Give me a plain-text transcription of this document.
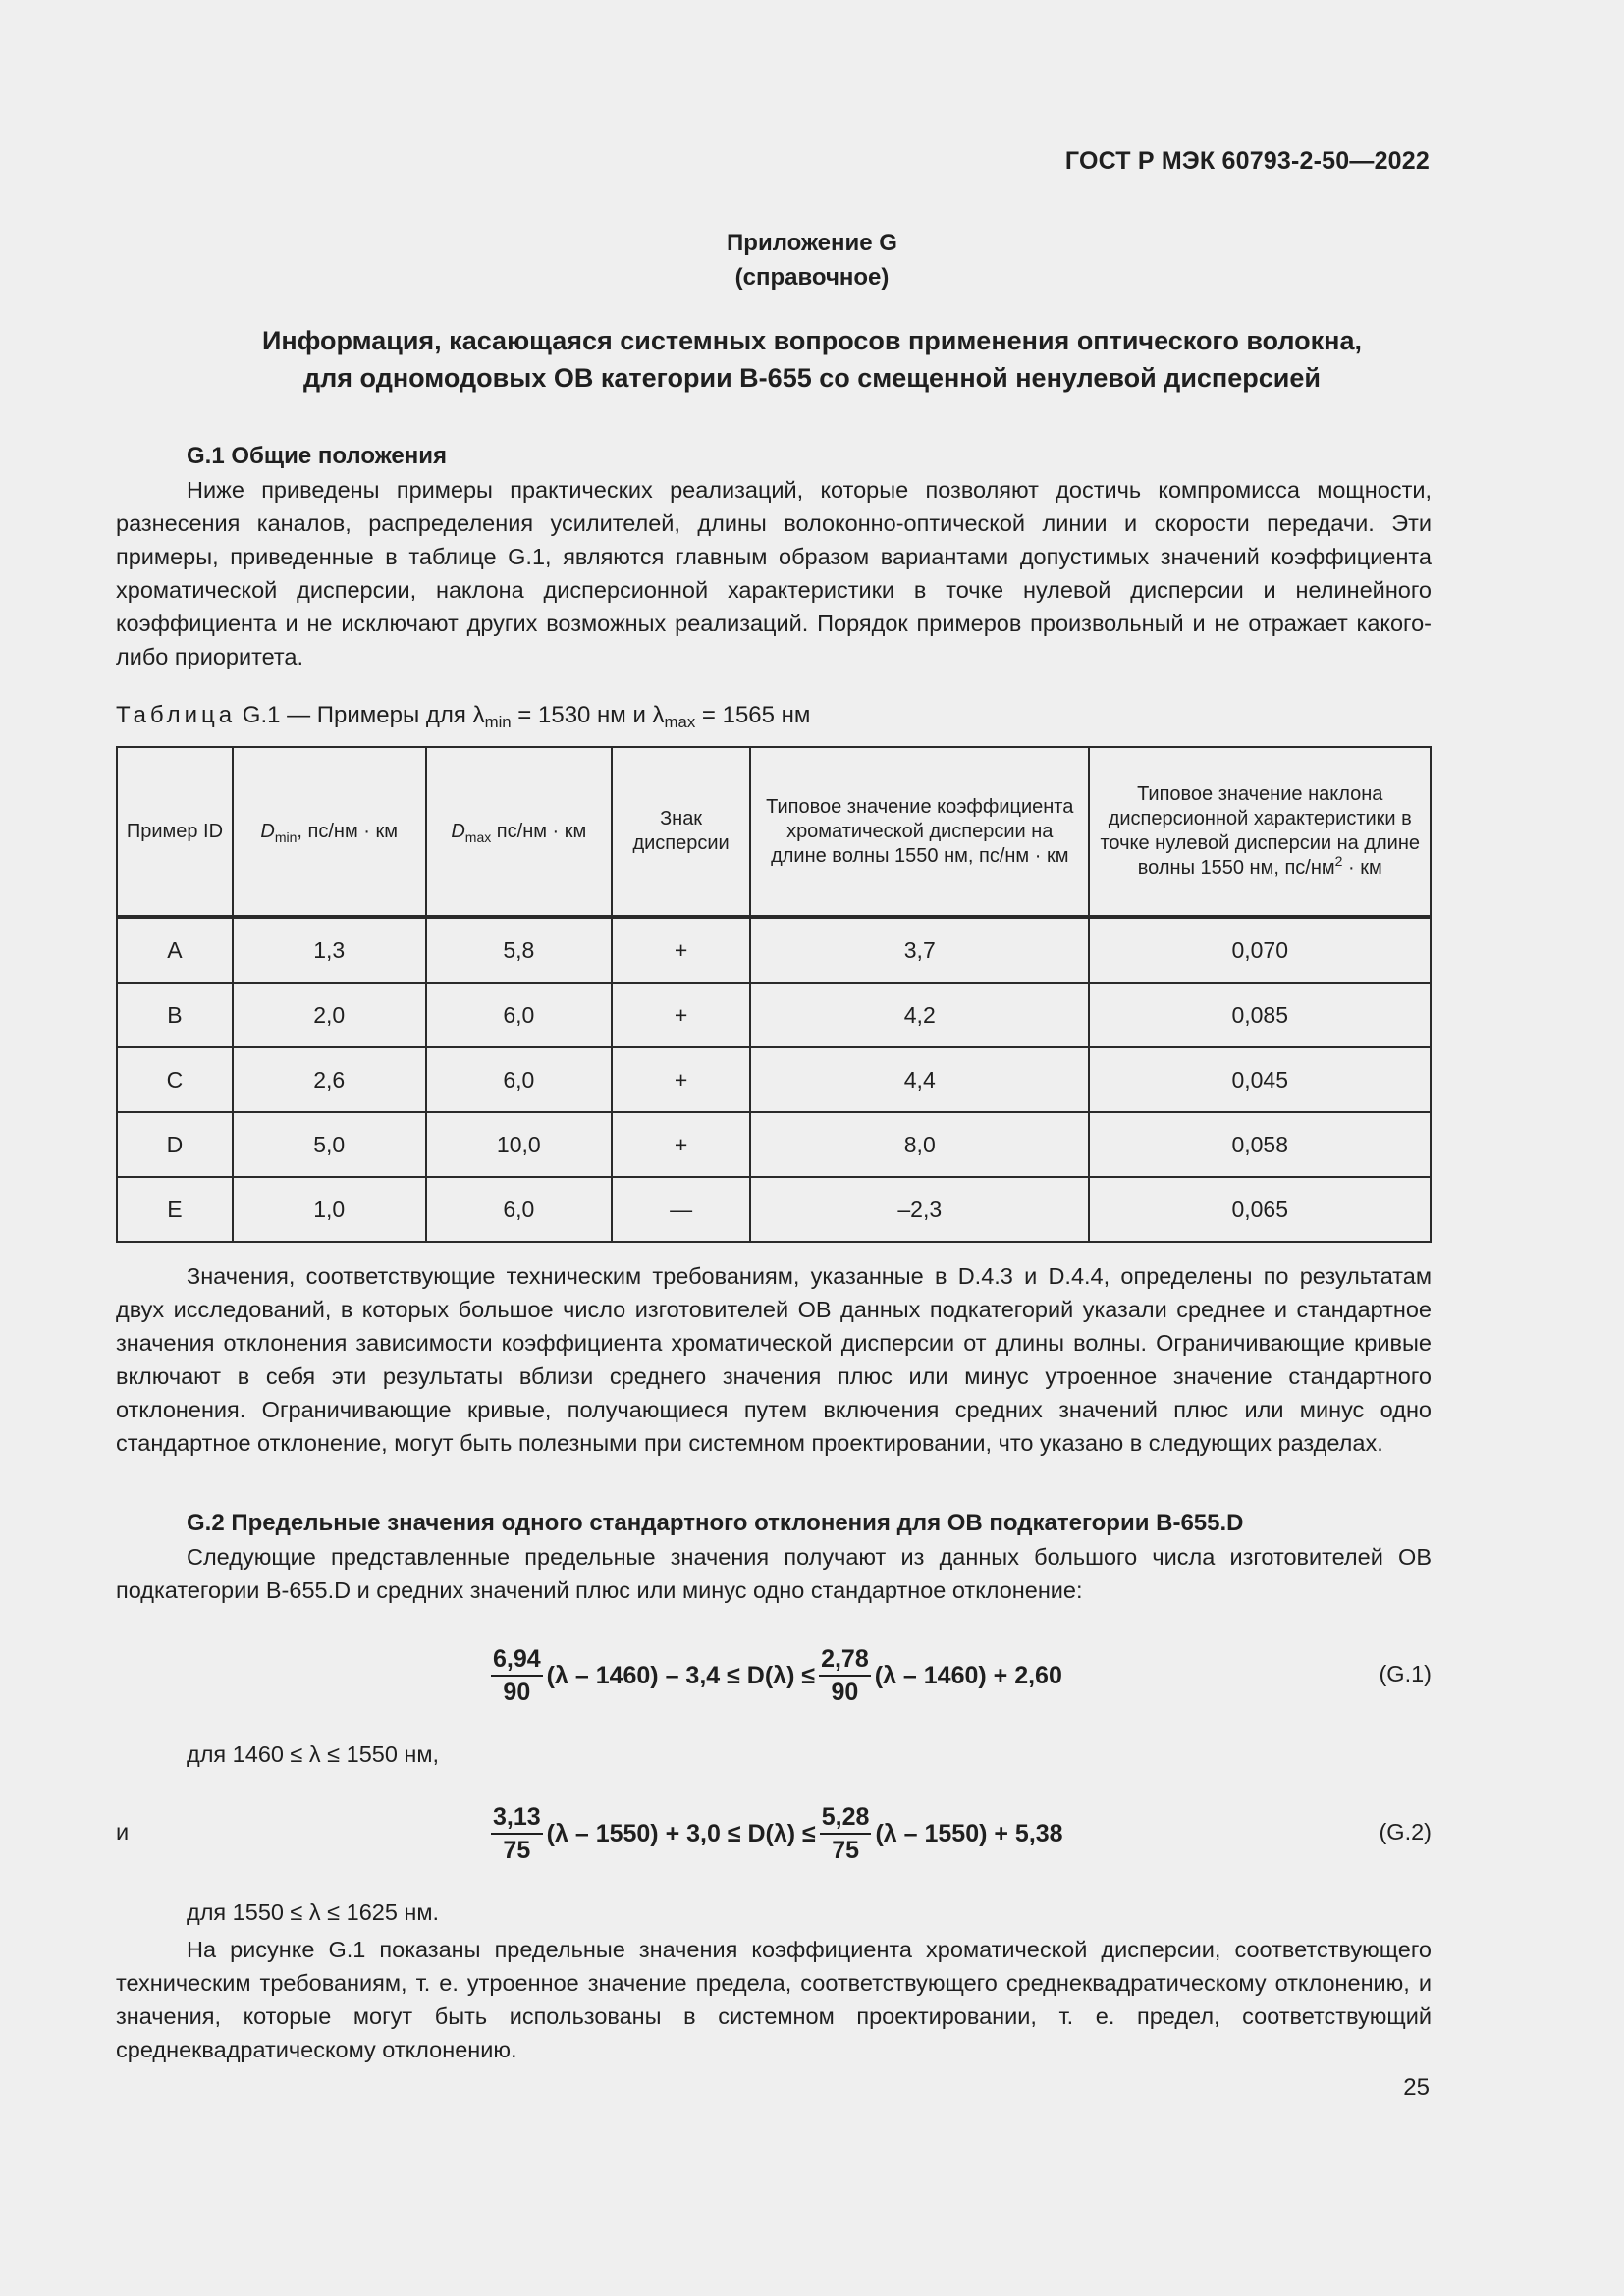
ГОСТ Р МЭК 60793-2-50—2022
Приложение G
(справочное)
Информация, касающаяся системных вопросов применения оптического волокна,
для одномодовых ОВ категории B-655 со смещенной ненулевой дисперсией
G.1 Общие положения

Ниже приведены примеры практических реализаций, которые позволяют достичь компромисса мощности, разнесения каналов, распределения усилителей, длины волоконно-оптической линии и скорости передачи. Эти примеры, приведенные в таблице G.1, являются главным образом вариантами допустимых значений коэффициента хроматической дисперсии, наклона дисперсионной характеристики в точке нулевой дисперсии и нелинейного коэффициента и не исключают других возможных реализаций. Порядок примеров произвольный и не отражает какого-либо приоритета.

Таблица G.1 — Примеры для $\lambda_{min} = 1530$ нм и $\lambda_{max} = 1565$ нм
Пример ID	$D_{min}$, пс/нм · км	$D_{max}$ пс/нм · км	Знак дисперсии	Типовое значение коэффициента хроматической дисперсии на длине волны 1550 нм, пс/нм · км	Типовое значение наклона дисперсионной характеристики в точке нулевой дисперсии на длине волны 1550 нм, $пс/нм^2$ · км
A	1,3	5,8	+	3,7	0,070
B	2,0	6,0	+	4,2	0,085
C	2,6	6,0	+	4,4	0,045
D	5,0	10,0	+	8,0	0,058
E	1,0	6,0	—	–2,3	0,065

Значения, соответствующие техническим требованиям, указанные в D.4.3 и D.4.4, определены по результатам двух исследований, в которых большое число изготовителей ОВ данных подкатегорий указали среднее и стандартное значения отклонения зависимости коэффициента хроматической дисперсии от длины волны. Ограничивающие кривые включают в себя эти результаты вблизи среднего значения плюс или минус утроенное значение стандартного отклонения. Ограничивающие кривые, получающиеся путем включения средних значений плюс или минус одно стандартное отклонение, могут быть полезными при системном проектировании, что указано в следующих разделах.

G.2 Предельные значения одного стандартного отклонения для ОВ подкатегории B-655.D

Следующие представленные предельные значения получают из данных большого числа изготовителей ОВ подкатегории B-655.D и средних значений плюс или минус одно стандартное отклонение:

$\frac{6,94}{90} (\lambda - 1460) - 3,4 \le D(\lambda) \le \frac{2,78}{90} (\lambda - 1460) + 2,60$	(G.1)
для 1460 ≤ λ ≤ 1550 нм,
и	$\frac{3,13}{75} (\lambda - 1550) + 3,0 \le D(\lambda) \le \frac{5,28}{75} (\lambda - 1550) + 5,38$	(G.2)
для 1550 ≤ λ ≤ 1625 нм.

На рисунке G.1 показаны предельные значения коэффициента хроматической дисперсии, соответствующего техническим требованиям, т. е. утроенное значение предела, соответствующего среднеквадратическому отклонению, и значения, которые могут быть использованы в системном проектировании, т. е. предел, соответствующий среднеквадратическому отклонению.

25
